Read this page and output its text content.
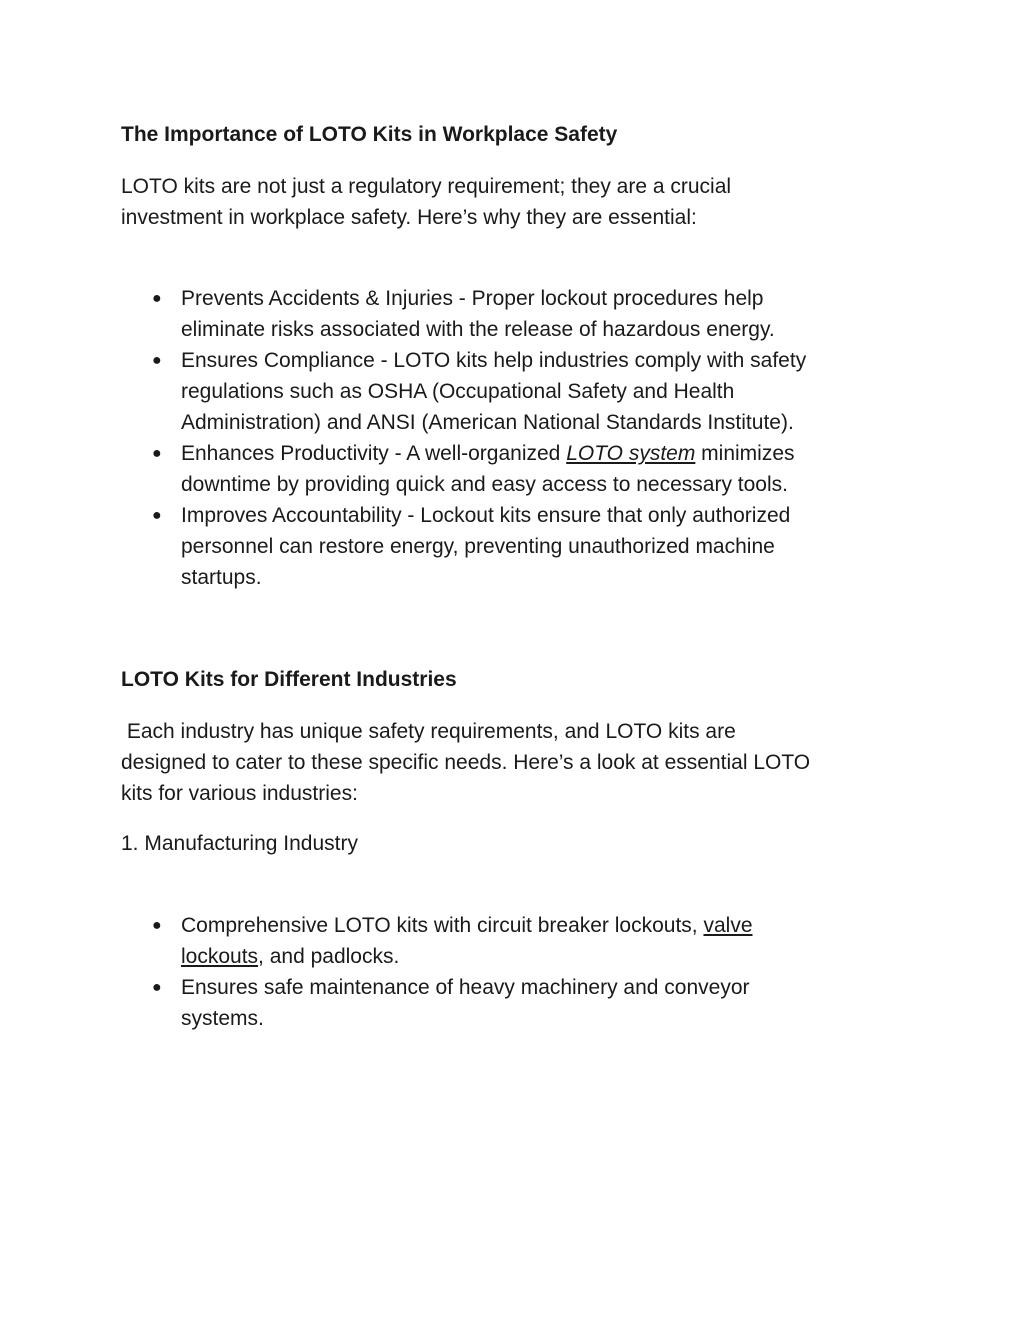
The Importance of LOTO Kits in Workplace Safety

LOTO kits are not just a regulatory requirement; they are a crucial
investment in workplace safety. Here’s why they are essential:

● Prevents Accidents & Injuries - Proper lockout procedures help
eliminate risks associated with the release of hazardous energy.
● Ensures Compliance - LOTO kits help industries comply with safety
regulations such as OSHA (Occupational Safety and Health
Administration) and ANSI (American National Standards Institute).
● Enhances Productivity - A well-organized LOTO system minimizes
downtime by providing quick and easy access to necessary tools.
● Improves Accountability - Lockout kits ensure that only authorized
personnel can restore energy, preventing unauthorized machine
startups.
LOTO Kits for Different Industries

Each industry has unique safety requirements, and LOTO kits are
designed to cater to these specific needs. Here’s a look at essential LOTO
kits for various industries:

1. Manufacturing Industry

● Comprehensive LOTO kits with circuit breaker lockouts, valve
lockouts, and padlocks.
● Ensures safe maintenance of heavy machinery and conveyor
systems.
